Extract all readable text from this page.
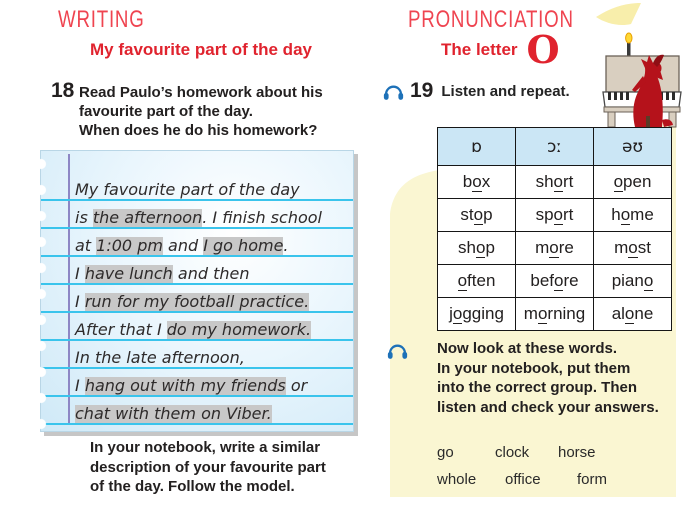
WRITING
My favourite part of the day
18 Read Paulo’s homework about his
favourite part of the day.
When does he do his homework?
My favourite part of the day
is the afternoon . I finish school
at 1:00 pm and I go home .
I have lunch and then
I run for my football practice.
After that I do my homework.
In the late afternoon,
I hang out with my friends or
chat with them on Viber.
In your notebook, write a similar
description of your favourite part
of the day. Follow the model.
PRONUNCIATION
The letter O
19 Listen and repeat.
ɒ	ɔː	əʊ
box	short	open
stop	sport	home
shop	more	most
often	before	piano
jogging	morning	alone
Now look at these words.
In your notebook, put them
into the correct group. Then
listen and check your answers.
go	clock	horse
whole	office	form
